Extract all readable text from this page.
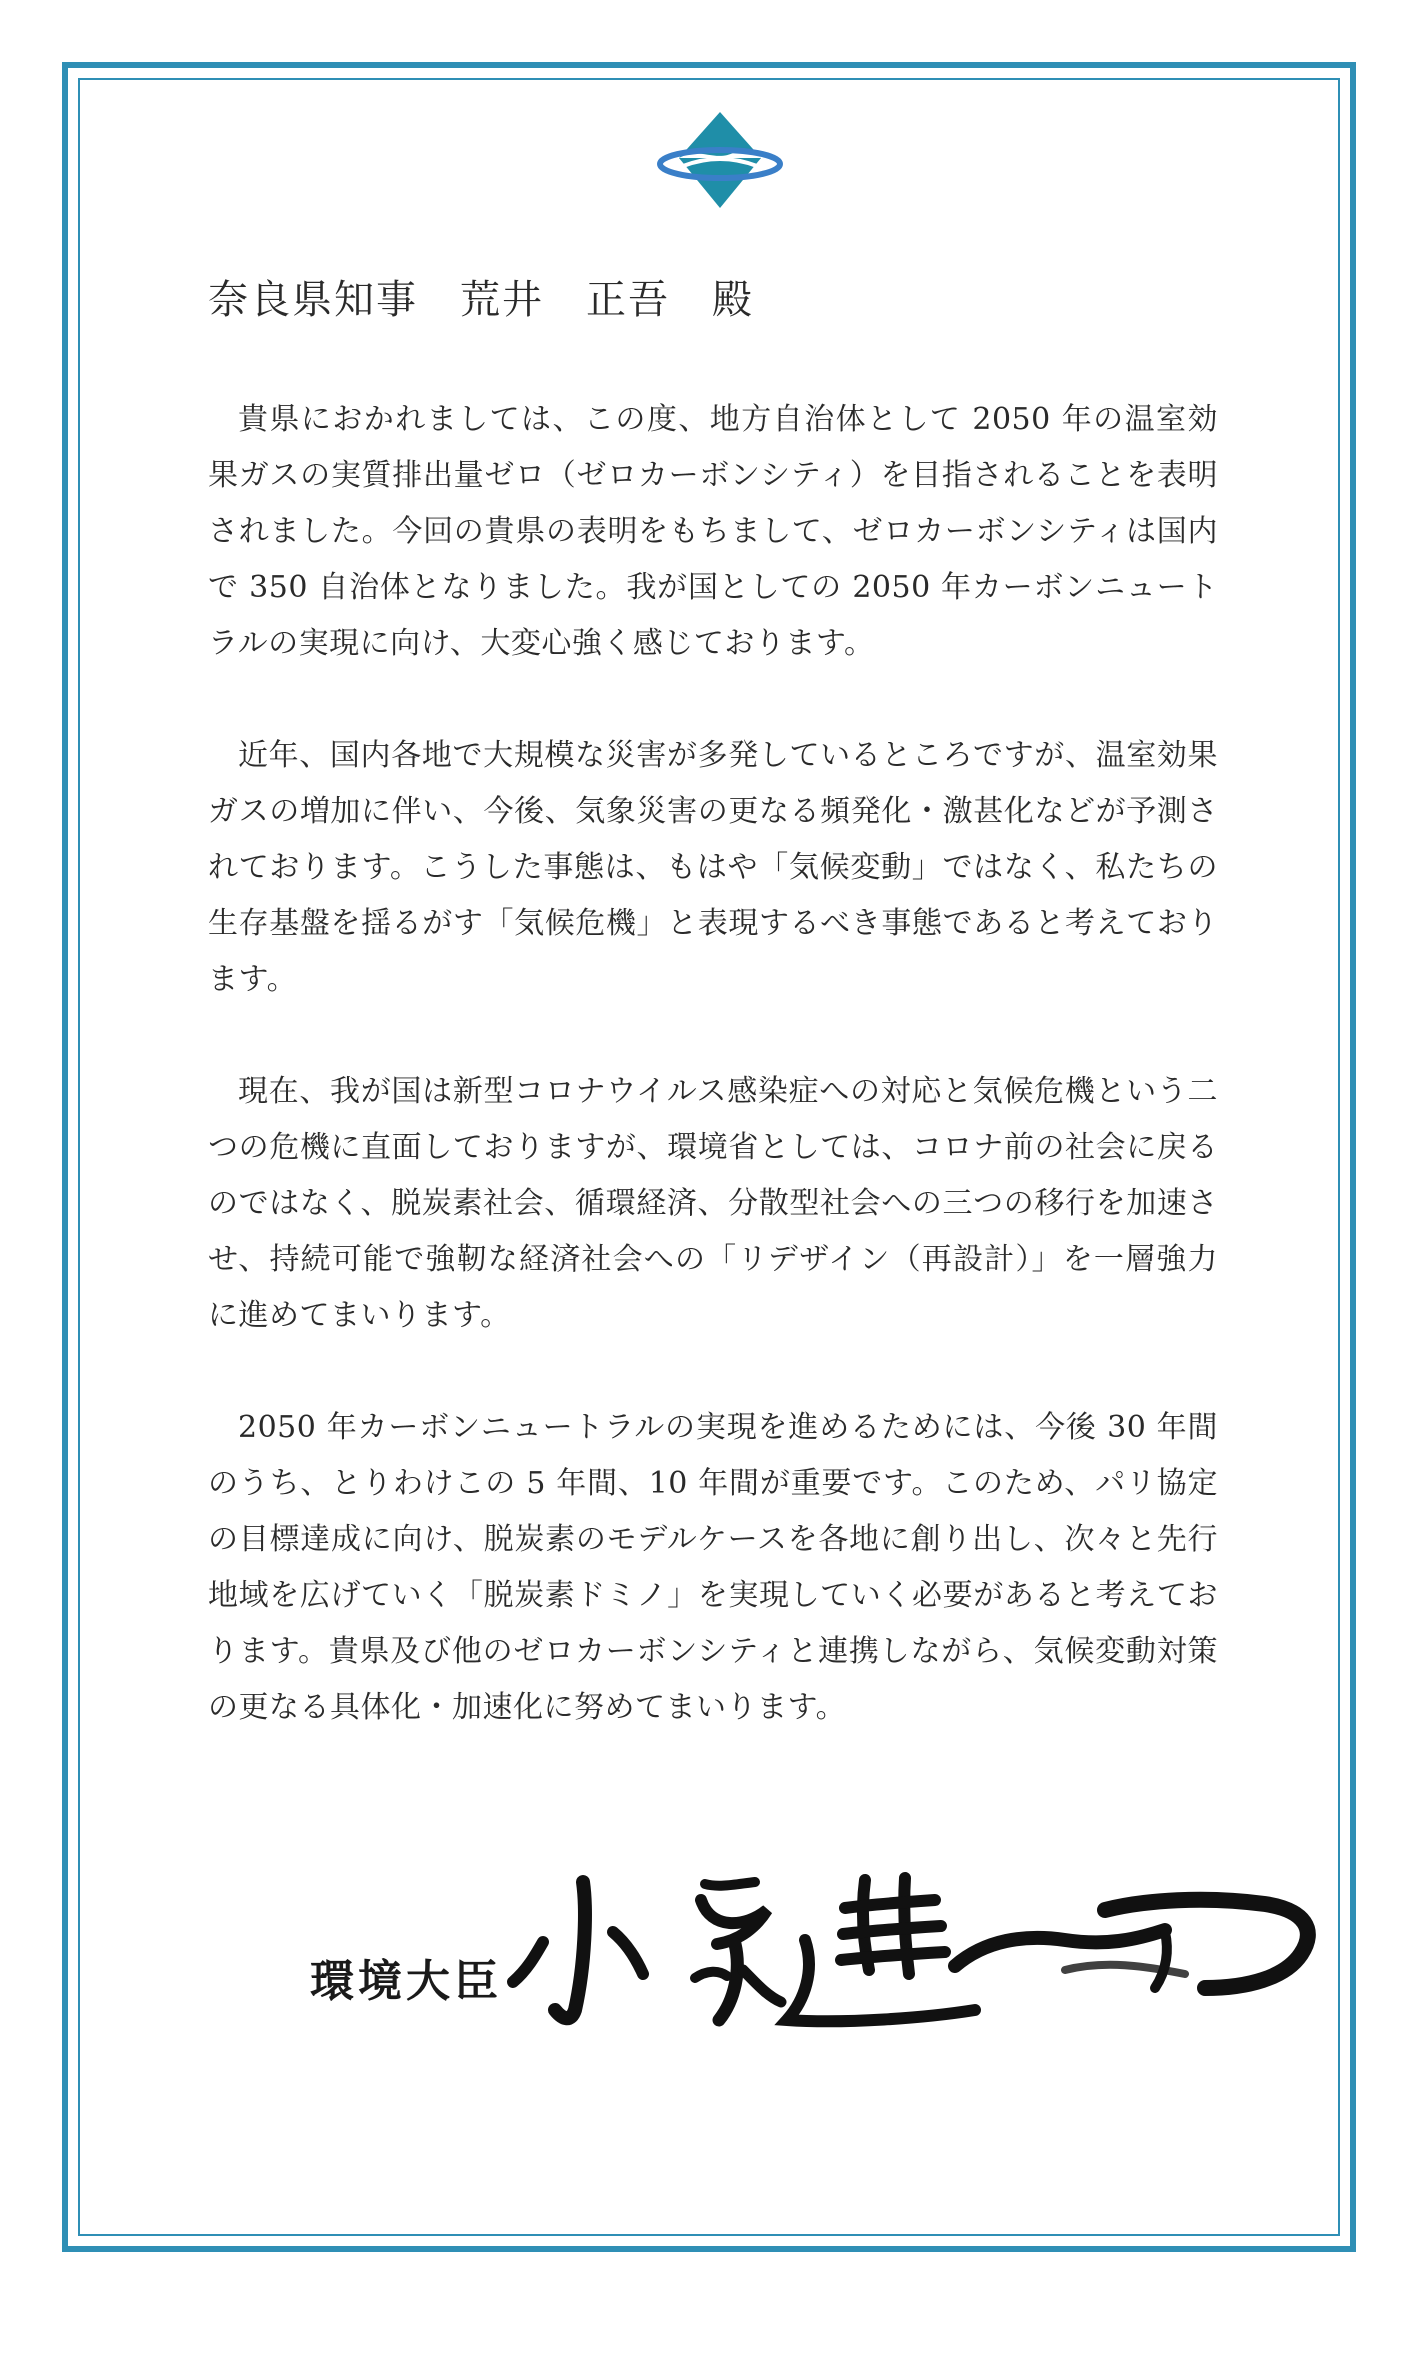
奈良県知事　荒井　正吾　殿

貴県におかれましては、この度、地方自治体として 2050 年の温室効果ガスの実質排出量ゼロ（ゼロカーボンシティ）を目指されることを表明されました。今回の貴県の表明をもちまして、ゼロカーボンシティは国内で 350 自治体となりました。我が国としての 2050 年カーボンニュートラルの実現に向け、大変心強く感じております。

近年、国内各地で大規模な災害が多発しているところですが、温室効果ガスの増加に伴い、今後、気象災害の更なる頻発化・激甚化などが予測されております。こうした事態は、もはや「気候変動」ではなく、私たちの生存基盤を揺るがす「気候危機」と表現するべき事態であると考えております。

現在、我が国は新型コロナウイルス感染症への対応と気候危機という二つの危機に直面しておりますが、環境省としては、コロナ前の社会に戻るのではなく、脱炭素社会、循環経済、分散型社会への三つの移行を加速させ、持続可能で強靭な経済社会への「リデザイン（再設計）」を一層強力に進めてまいります。

2050 年カーボンニュートラルの実現を進めるためには、今後 30 年間のうち、とりわけこの 5 年間、10 年間が重要です。このため、パリ協定の目標達成に向け、脱炭素のモデルケースを各地に創り出し、次々と先行地域を広げていく「脱炭素ドミノ」を実現していく必要があると考えております。貴県及び他のゼロカーボンシティと連携しながら、気候変動対策の更なる具体化・加速化に努めてまいります。

環境大臣
